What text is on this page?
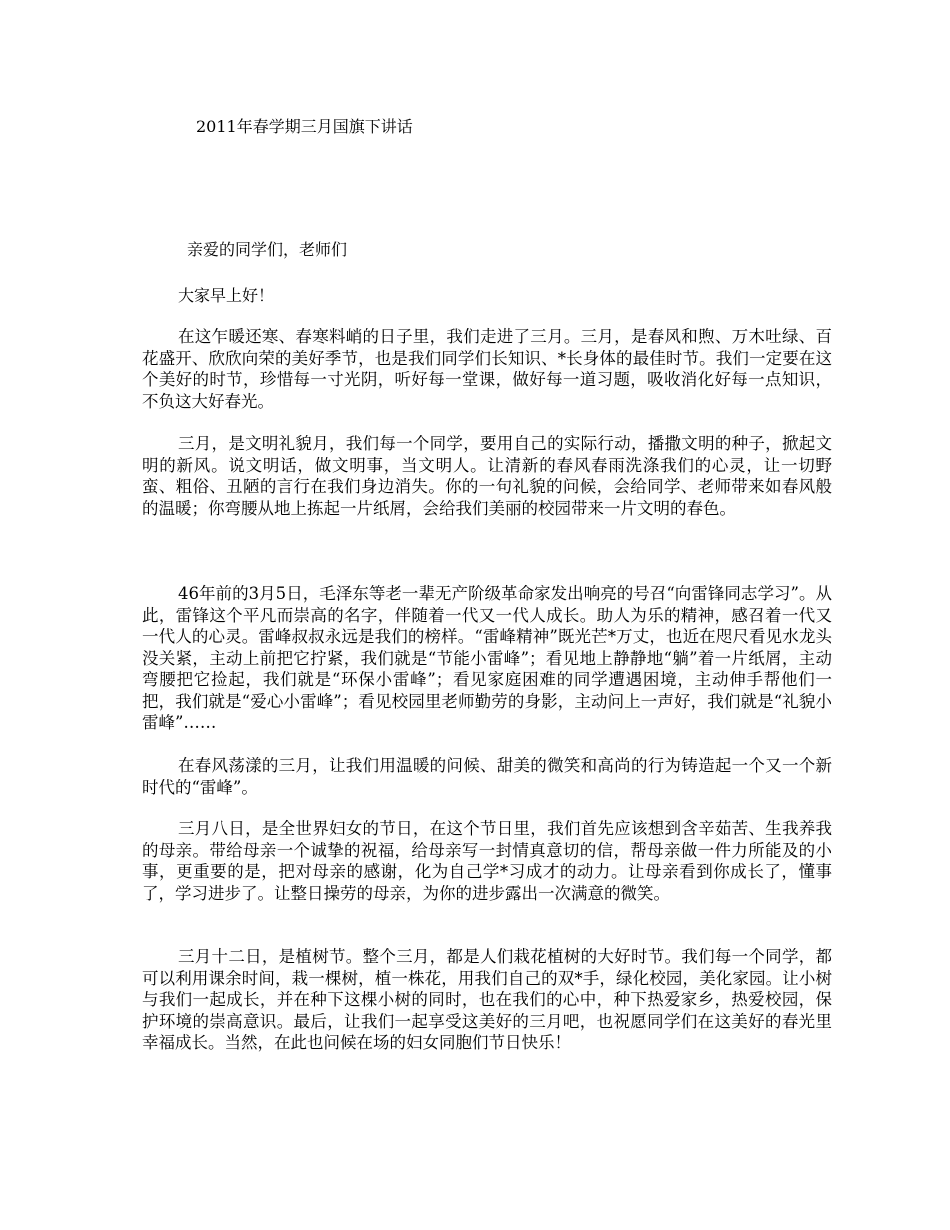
2011年春学期三月国旗下讲话
亲爱的同学们，老师们
大家早上好！

在这乍暖还寒、春寒料峭的日子里，我们走进了三月。三月，是春风和煦、万木吐绿、百花盛开、欣欣向荣的美好季节，也是我们同学们长知识、*长身体的最佳时节。我们一定要在这个美好的时节，珍惜每一寸光阴，听好每一堂课，做好每一道习题，吸收消化好每一点知识，不负这大好春光。

三月，是文明礼貌月，我们每一个同学，要用自己的实际行动，播撒文明的种子，掀起文明的新风。说文明话，做文明事，当文明人。让清新的春风春雨洗涤我们的心灵，让一切野蛮、粗俗、丑陋的言行在我们身边消失。你的一句礼貌的问候，会给同学、老师带来如春风般的温暖；你弯腰从地上拣起一片纸屑，会给我们美丽的校园带来一片文明的春色。

46年前的3月5日，毛泽东等老一辈无产阶级革命家发出响亮的号召“向雷锋同志学习”。从此，雷锋这个平凡而崇高的名字，伴随着一代又一代人成长。助人为乐的精神，感召着一代又一代人的心灵。雷峰叔叔永远是我们的榜样。“雷峰精神”既光芒*万丈，也近在咫尺看见水龙头没关紧，主动上前把它拧紧，我们就是“节能小雷峰”；看见地上静静地“躺”着一片纸屑，主动弯腰把它捡起，我们就是“环保小雷峰”；看见家庭困难的同学遭遇困境，主动伸手帮他们一把，我们就是“爱心小雷峰”；看见校园里老师勤劳的身影，主动问上一声好，我们就是“礼貌小雷峰”……

在春风荡漾的三月，让我们用温暖的问候、甜美的微笑和高尚的行为铸造起一个又一个新时代的“雷峰”。

三月八日，是全世界妇女的节日，在这个节日里，我们首先应该想到含辛茹苦、生我养我的母亲。带给母亲一个诚挚的祝福，给母亲写一封情真意切的信，帮母亲做一件力所能及的小事，更重要的是，把对母亲的感谢，化为自己学*习成才的动力。让母亲看到你成长了，懂事了，学习进步了。让整日操劳的母亲，为你的进步露出一次满意的微笑。

三月十二日，是植树节。整个三月，都是人们栽花植树的大好时节。我们每一个同学，都可以利用课余时间，栽一棵树，植一株花，用我们自己的双*手，绿化校园，美化家园。让小树与我们一起成长，并在种下这棵小树的同时，也在我们的心中，种下热爱家乡，热爱校园，保护环境的崇高意识。最后，让我们一起享受这美好的三月吧，也祝愿同学们在这美好的春光里幸福成长。当然，在此也问候在场的妇女同胞们节日快乐！
